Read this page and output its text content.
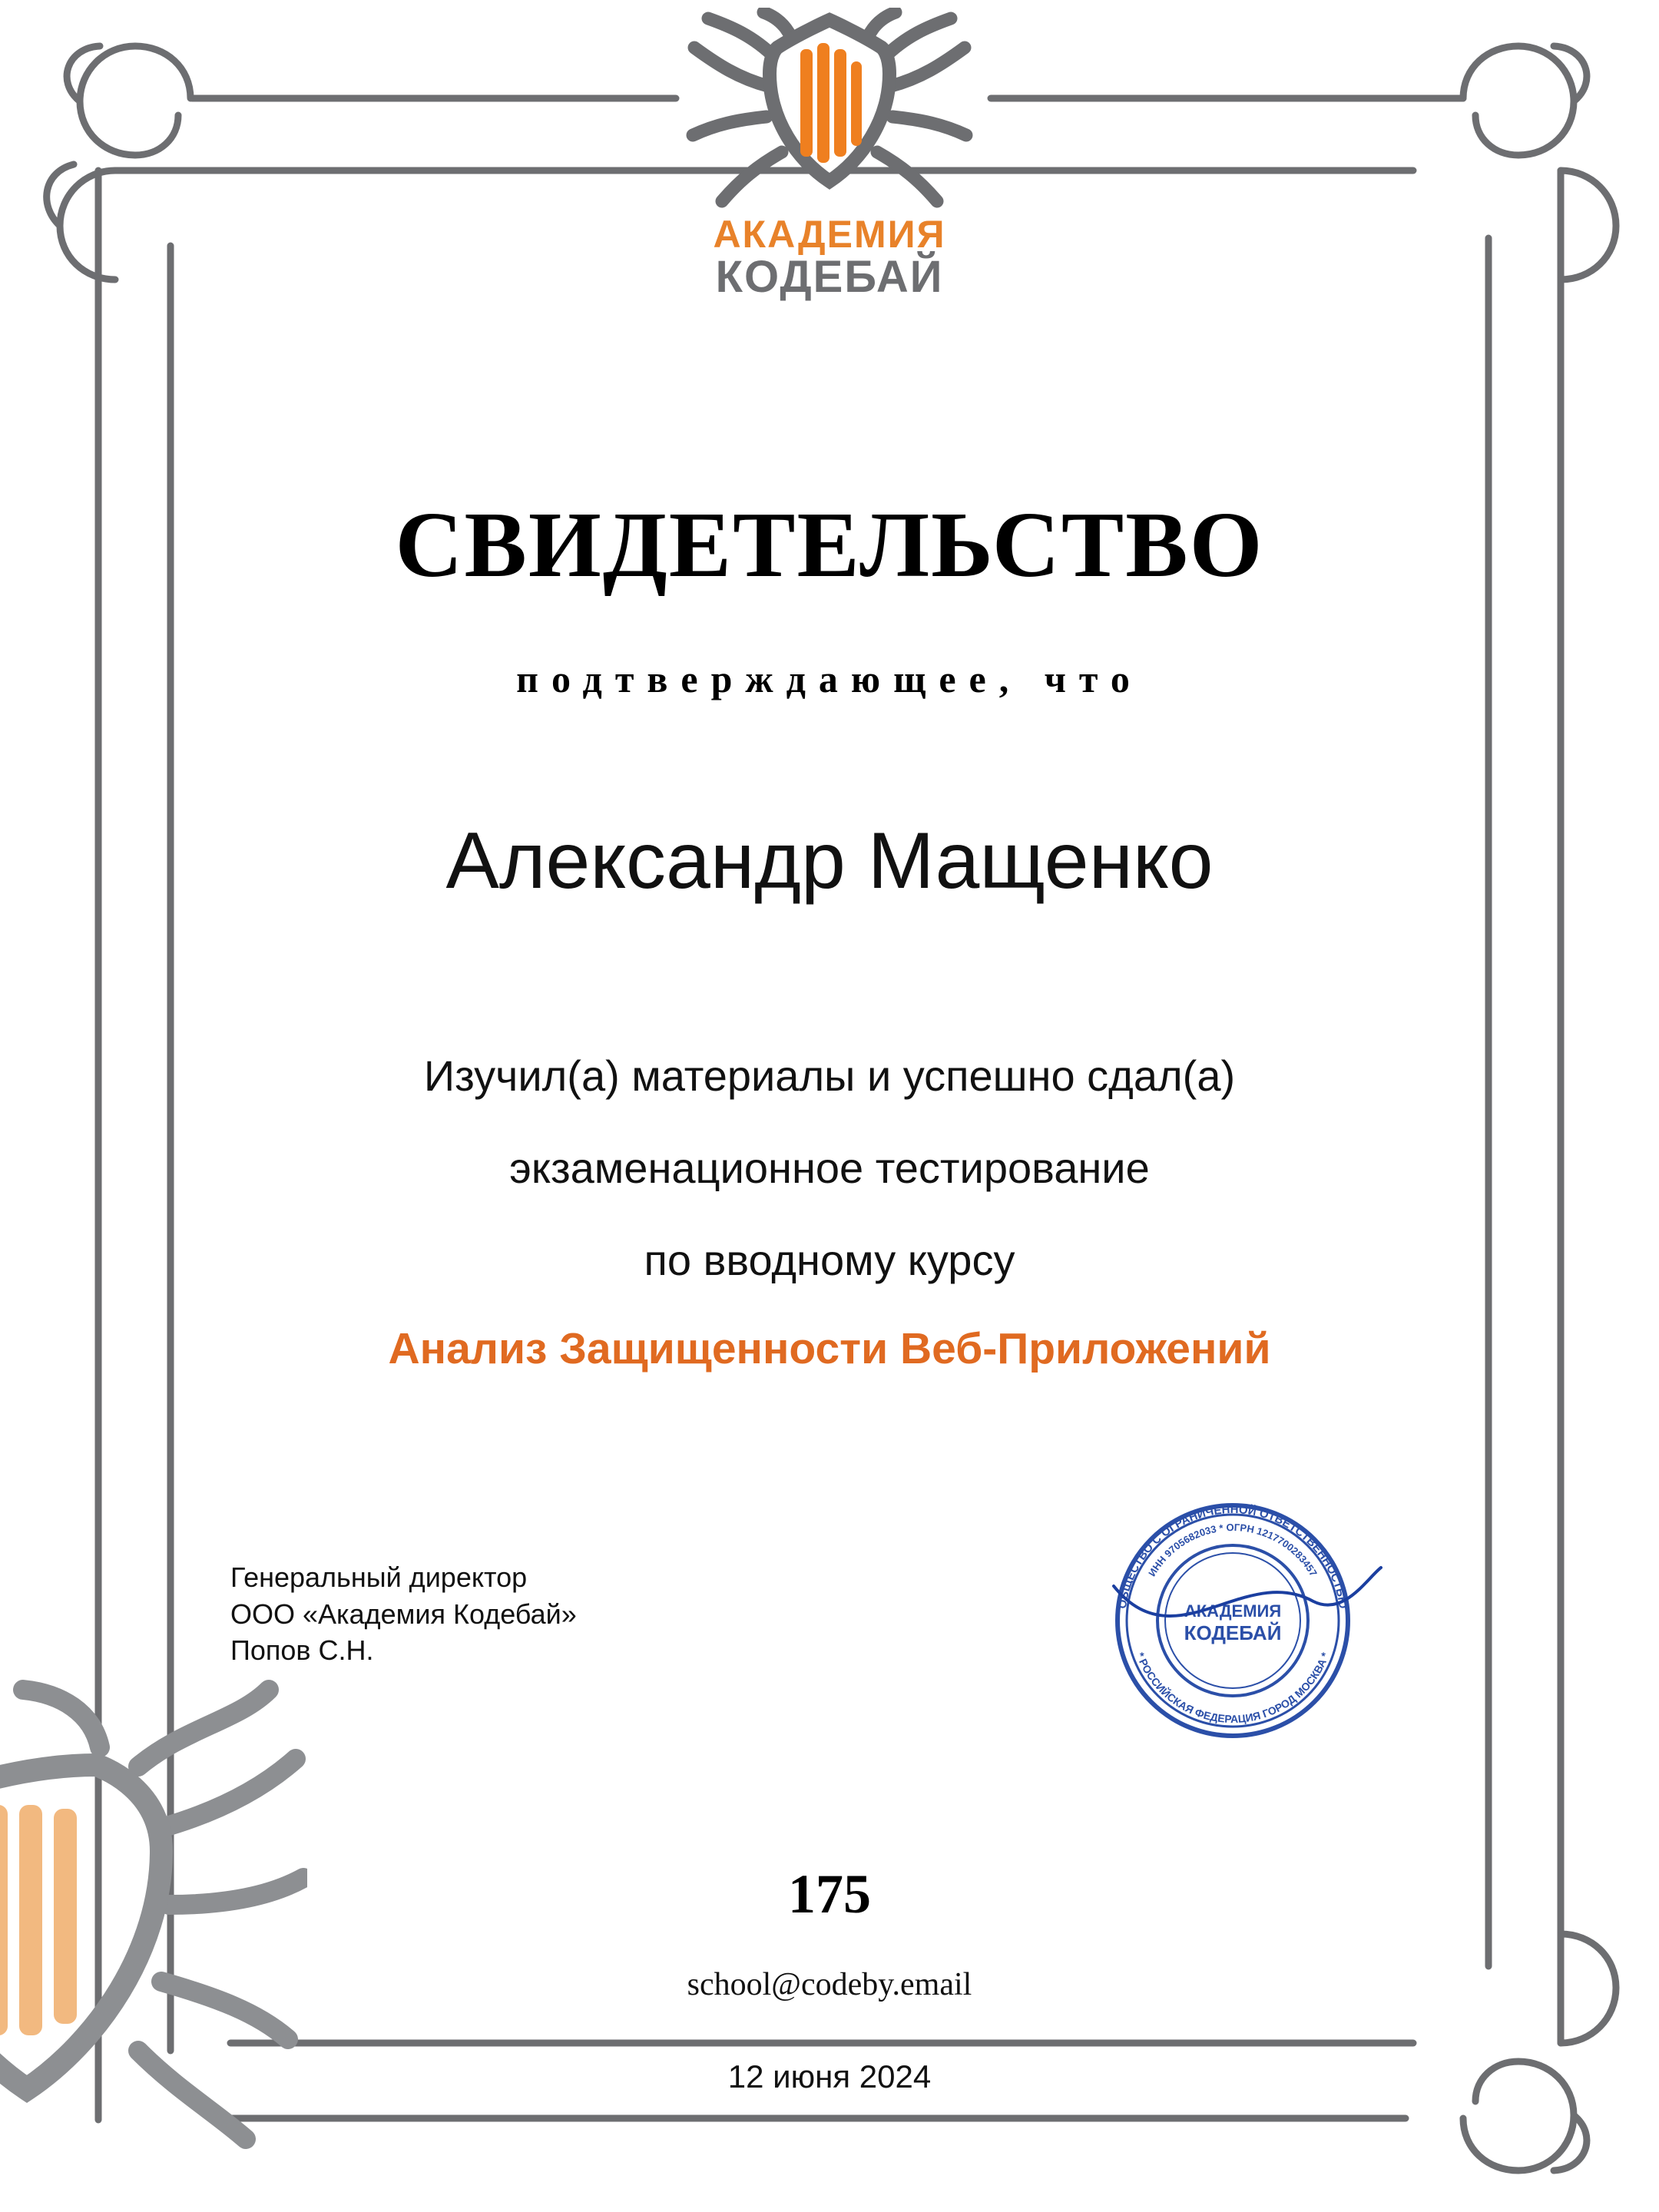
АКАДЕМИЯ
КОДЕБАЙ
СВИДЕТЕЛЬСТВО
подтверждающее, что
Александр Мащенко
Изучил(а) материалы и успешно сдал(а)
экзаменационное тестирование
по вводному курсу
Анализ Защищенности Веб-Приложений
Генеральный директор
ООО «Академия Кодебай»
Попов С.Н.
ОБЩЕСТВО С ОГРАНИЧЕННОЙ ОТВЕТСТВЕННОСТЬЮ
ИНН 9705682033 * ОГРН 1217700283457
* РОССИЙСКАЯ ФЕДЕРАЦИЯ ГОРОД МОСКВА *
АКАДЕМИЯ
КОДЕБАЙ
175
school@codeby.email
12 июня 2024
